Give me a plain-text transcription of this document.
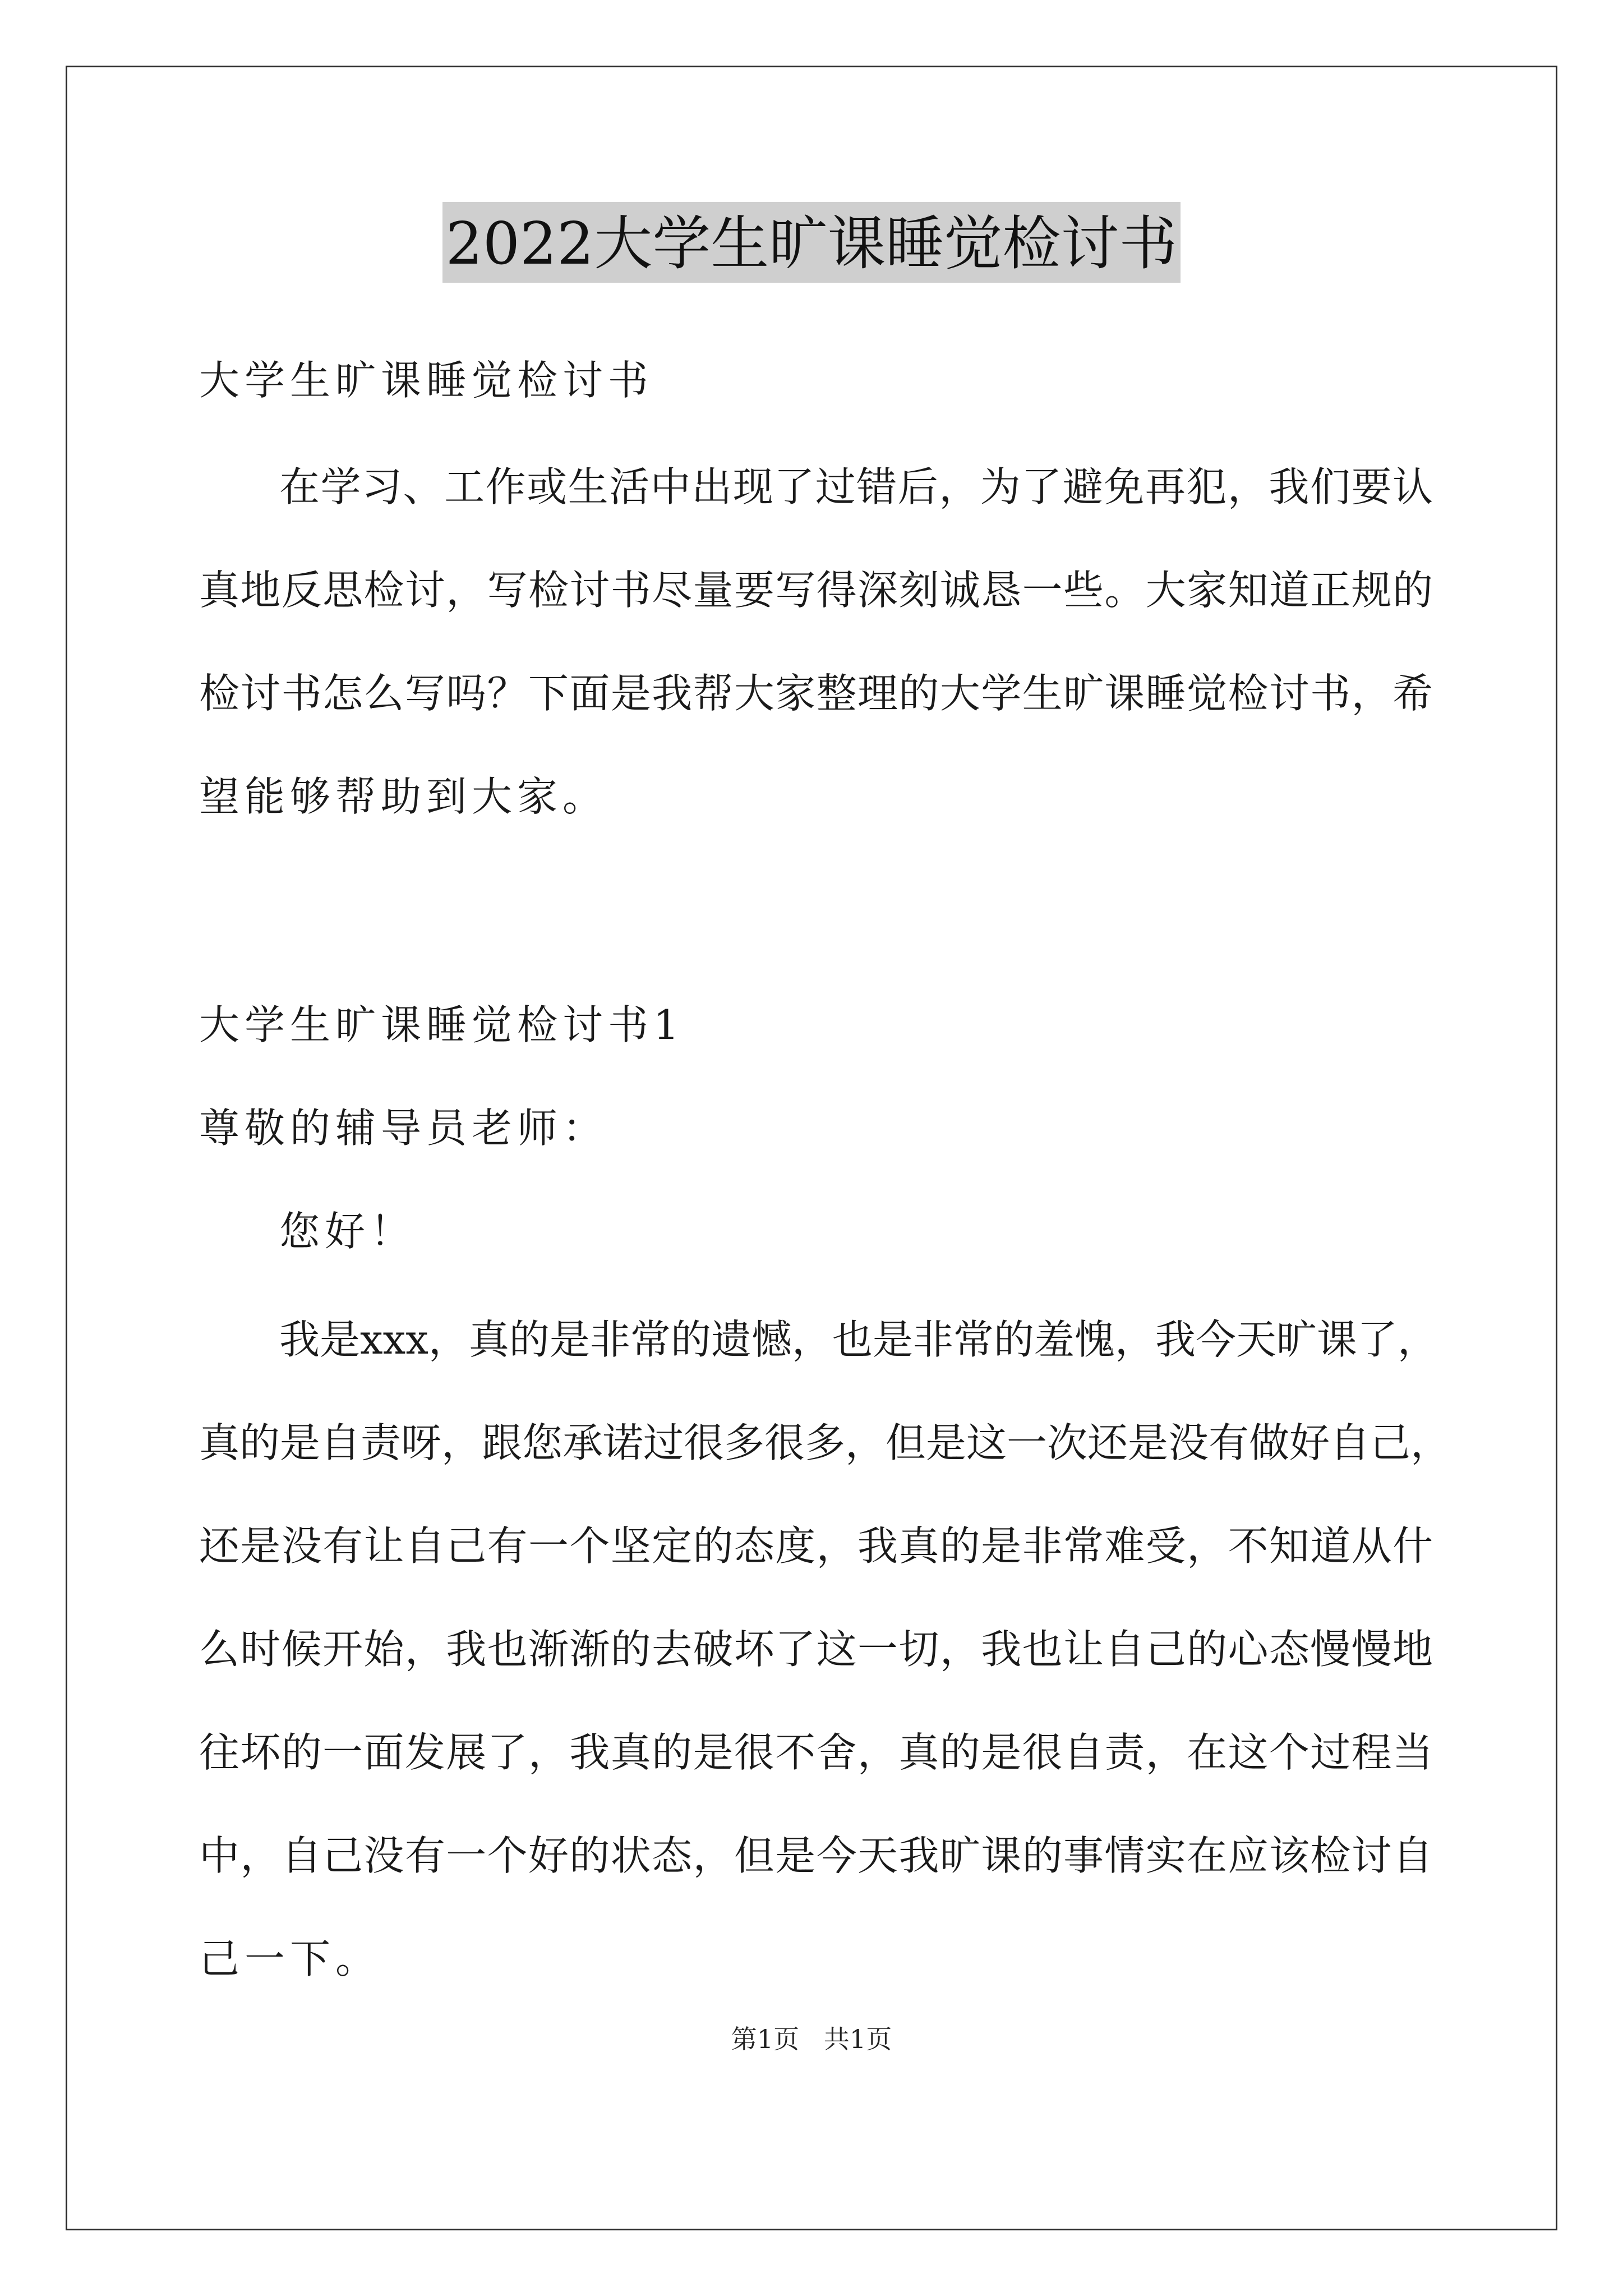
2022大学生旷课睡觉检讨书
大学生旷课睡觉检讨书
在学习、工作或生活中出现了过错后，为了避免再犯，我们要认
真地反思检讨，写检讨书尽量要写得深刻诚恳一些。大家知道正规的
检讨书怎么写吗？下面是我帮大家整理的大学生旷课睡觉检讨书，希
望能够帮助到大家。
大学生旷课睡觉检讨书1
尊敬的辅导员老师：
您好！
我是xxx，真的是非常的遗憾，也是非常的羞愧，我今天旷课了，
真的是自责呀，跟您承诺过很多很多，但是这一次还是没有做好自己，
还是没有让自己有一个坚定的态度，我真的是非常难受，不知道从什
么时候开始，我也渐渐的去破坏了这一切，我也让自己的心态慢慢地
往坏的一面发展了，我真的是很不舍，真的是很自责，在这个过程当
中，自己没有一个好的状态，但是今天我旷课的事情实在应该检讨自
己一下。
第1页   共1页
